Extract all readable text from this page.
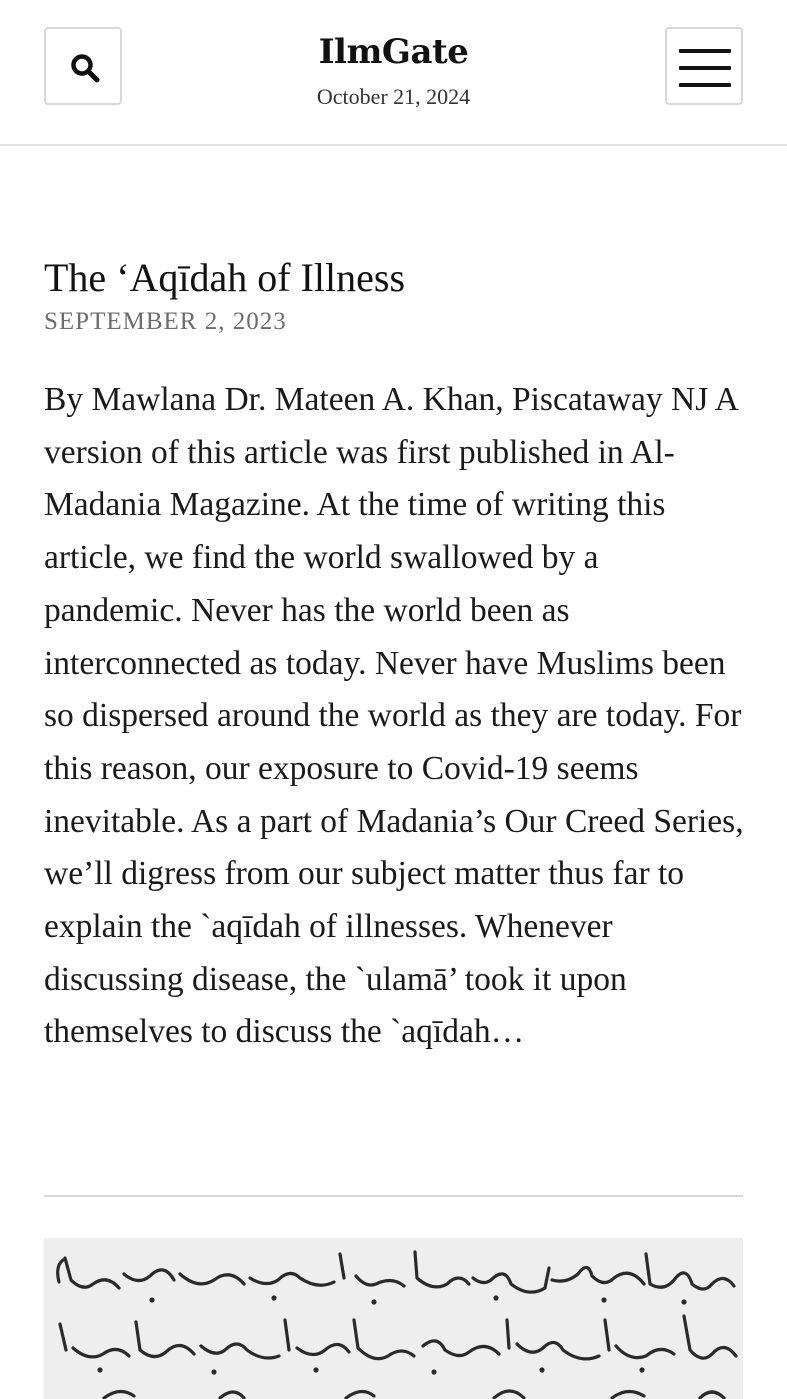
IlmGate
October 21, 2024
The ‘Aqīdah of Illness
SEPTEMBER 2, 2023

By Mawlana Dr. Mateen A. Khan, Piscataway NJ A version of this article was first published in Al-Madania Magazine. At the time of writing this article, we find the world swallowed by a pandemic. Never has the world been as interconnected as today. Never have Muslims been so dispersed around the world as they are today. For this reason, our exposure to Covid-19 seems inevitable. As a part of Madania’s Our Creed Series, we’ll digress from our subject matter thus far to explain the `aqīdah of illnesses. Whenever discussing disease, the `ulamā’ took it upon themselves to discuss the `aqīdah…
